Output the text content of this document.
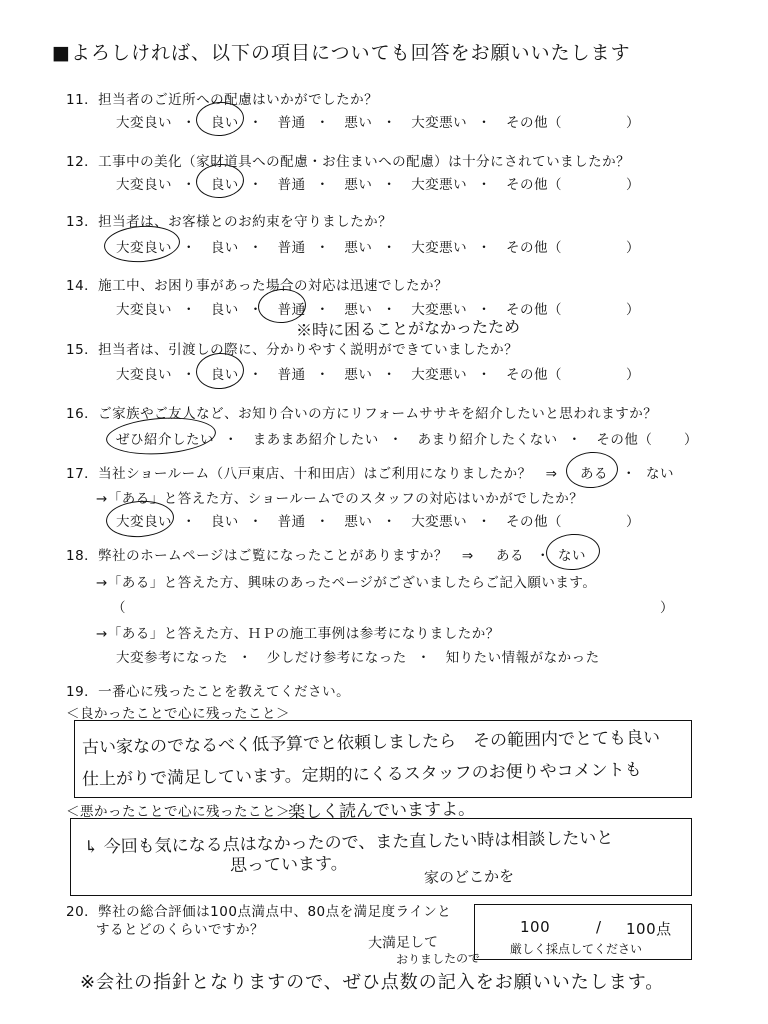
■よろしければ、以下の項目についても回答をお願いいたします
11．担当者のご近所への配慮はいかがでしたか？
大変良い ・ 良い ・ 普通 ・ 悪い ・ 大変悪い ・ その他（	）
12．工事中の美化（家財道具への配慮・お住まいへの配慮）は十分にされていましたか？
大変良い ・ 良い ・ 普通 ・ 悪い ・ 大変悪い ・ その他（	）
13．担当者は、お客様とのお約束を守りましたか？
大変良い ・ 良い ・ 普通 ・ 悪い ・ 大変悪い ・ その他（	）
14．施工中、お困り事があった場合の対応は迅速でしたか？
大変良い ・ 良い ・ 普通 ・ 悪い ・ 大変悪い ・ その他（	）
※時に困ることがなかったため
15．担当者は、引渡しの際に、分かりやすく説明ができていましたか？
大変良い ・ 良い ・ 普通 ・ 悪い ・ 大変悪い ・ その他（	）
16．ご家族やご友人など、お知り合いの方にリフォームササキを紹介したいと思われますか？
ぜひ紹介したい ・ まあまあ紹介したい ・ あまり紹介したくない ・ その他（ ）
17．当社ショールーム（八戸東店、十和田店）はご利用になりましたか？　⇒ ある ・ ない
→「ある」と答えた方、ショールームでのスタッフの対応はいかがでしたか？
大変良い ・ 良い ・ 普通 ・ 悪い ・ 大変悪い ・ その他（	）
18．弊社のホームページはご覧になったことがありますか？　⇒ ある ・ ない
→「ある」と答えた方、興味のあったページがございましたらご記入願います。
（	）
→「ある」と答えた方、ＨＰの施工事例は参考になりましたか？
大変参考になった ・ 少しだけ参考になった ・ 知りたい情報がなかった
19．一番心に残ったことを教えてください。
＜良かったことで心に残ったこと＞
古い家なのでなるべく低予算でと依頼しましたら　その範囲内でとても良い
仕上がりで満足しています。定期的にくるスタッフのお便りやコメントも
＜悪かったことで心に残ったこと＞
楽しく読んでいますよ。
↳ 今回も気になる点はなかったので、また直したい時は相談したいと
思っています。
家のどこかを
20．弊社の総合評価は100点満点中、80点を満足度ラインと
するとどのくらいですか？	100	/ 100点
厳しく採点してください
大満足して
おりましたので
※会社の指針となりますので、ぜひ点数の記入をお願いいたします。
